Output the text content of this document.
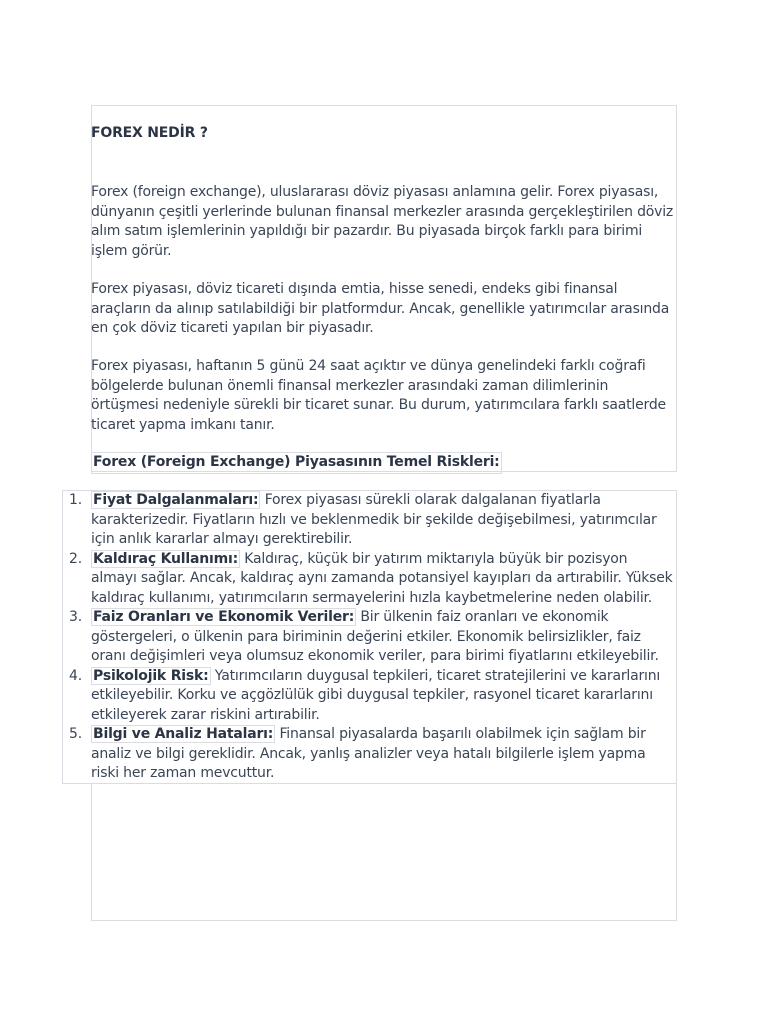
FOREX NEDİR ?

Forex (foreign exchange), uluslararası döviz piyasası anlamına gelir. Forex piyasası, dünyanın çeşitli yerlerinde bulunan finansal merkezler arasında gerçekleştirilen döviz alım satım işlemlerinin yapıldığı bir pazardır. Bu piyasada birçok farklı para birimi işlem görür.

Forex piyasası, döviz ticareti dışında emtia, hisse senedi, endeks gibi finansal araçların da alınıp satılabildiği bir platformdur. Ancak, genellikle yatırımcılar arasında en çok döviz ticareti yapılan bir piyasadır.

Forex piyasası, haftanın 5 günü 24 saat açıktır ve dünya genelindeki farklı coğrafi bölgelerde bulunan önemli finansal merkezler arasındaki zaman dilimlerinin örtüşmesi nedeniyle sürekli bir ticaret sunar. Bu durum, yatırımcılara farklı saatlerde ticaret yapma imkanı tanır.

Forex (Foreign Exchange) Piyasasının Temel Riskleri:

1. Fiyat Dalgalanmaları: Forex piyasası sürekli olarak dalgalanan fiyatlarla karakterizedir. Fiyatların hızlı ve beklenmedik bir şekilde değişebilmesi, yatırımcılar için anlık kararlar almayı gerektirebilir.
2. Kaldıraç Kullanımı: Kaldıraç, küçük bir yatırım miktarıyla büyük bir pozisyon almayı sağlar. Ancak, kaldıraç aynı zamanda potansiyel kayıpları da artırabilir. Yüksek kaldıraç kullanımı, yatırımcıların sermayelerini hızla kaybetmelerine neden olabilir.
3. Faiz Oranları ve Ekonomik Veriler: Bir ülkenin faiz oranları ve ekonomik göstergeleri, o ülkenin para biriminin değerini etkiler. Ekonomik belirsizlikler, faiz oranı değişimleri veya olumsuz ekonomik veriler, para birimi fiyatlarını etkileyebilir.
4. Psikolojik Risk: Yatırımcıların duygusal tepkileri, ticaret stratejilerini ve kararlarını etkileyebilir. Korku ve açgözlülük gibi duygusal tepkiler, rasyonel ticaret kararlarını etkileyerek zarar riskini artırabilir.
5. Bilgi ve Analiz Hataları: Finansal piyasalarda başarılı olabilmek için sağlam bir analiz ve bilgi gereklidir. Ancak, yanlış analizler veya hatalı bilgilerle işlem yapma riski her zaman mevcuttur.
